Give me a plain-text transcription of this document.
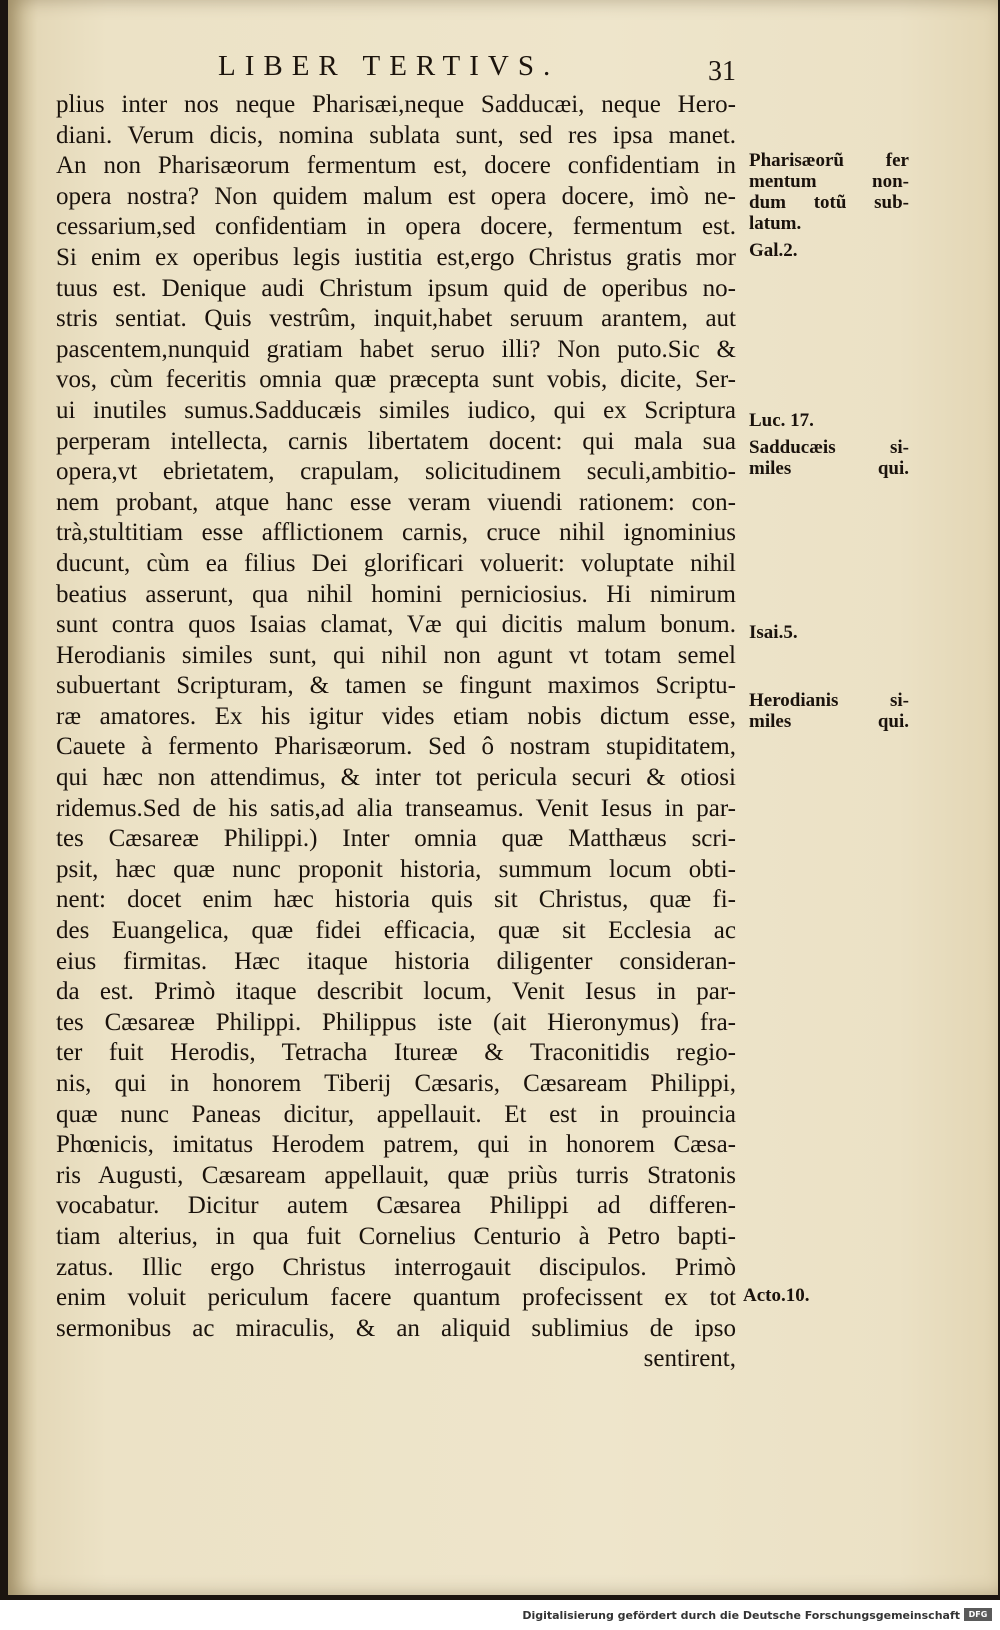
LIBER TERTIVS.	31
plius inter nos neque Pharisæi,neque Sadducæi, neque Hero-
diani. Verum dicis, nomina sublata sunt, sed res ipsa manet.
An non Pharisæorum fermentum est, docere confidentiam in
opera nostra? Non quidem malum est opera docere, imò ne-
cessarium,sed confidentiam in opera docere, fermentum est.
Si enim ex operibus legis iustitia est,ergo Christus gratis mor
tuus est. Denique audi Christum ipsum quid de operibus no-
stris sentiat. Quis vestrûm, inquit,habet seruum arantem, aut
pascentem,nunquid gratiam habet seruo illi? Non puto.Sic &
vos, cùm feceritis omnia quæ præcepta sunt vobis, dicite, Ser-
ui inutiles sumus.Sadducæis similes iudico, qui ex Scriptura
perperam intellecta, carnis libertatem docent: qui mala sua
opera,vt ebrietatem, crapulam, solicitudinem seculi,ambitio-
nem probant, atque hanc esse veram viuendi rationem: con-
trà,stultitiam esse afflictionem carnis, cruce nihil ignominius
ducunt, cùm ea filius Dei glorificari voluerit: voluptate nihil
beatius asserunt, qua nihil homini perniciosius. Hi nimirum
sunt contra quos Isaias clamat, Væ qui dicitis malum bonum.
Herodianis similes sunt, qui nihil non agunt vt totam semel
subuertant Scripturam, & tamen se fingunt maximos Scriptu-
ræ amatores. Ex his igitur vides etiam nobis dictum esse,
Cauete à fermento Pharisæorum. Sed ô nostram stupiditatem,
qui hæc non attendimus, & inter tot pericula securi & otiosi
ridemus.Sed de his satis,ad alia transeamus. Venit Iesus in par-
tes Cæsareæ Philippi.) Inter omnia quæ Matthæus scri-
psit, hæc quæ nunc proponit historia, summum locum obti-
nent: docet enim hæc historia quis sit Christus, quæ fi-
des Euangelica, quæ fidei efficacia, quæ sit Ecclesia ac
eius firmitas. Hæc itaque historia diligenter consideran-
da est. Primò itaque describit locum, Venit Iesus in par-
tes Cæsareæ Philippi. Philippus iste (ait Hieronymus) fra-
ter fuit Herodis, Tetracha Itureæ & Traconitidis regio-
nis, qui in honorem Tiberij Cæsaris, Cæsaream Philippi,
quæ nunc Paneas dicitur, appellauit. Et est in prouincia
Phœnicis, imitatus Herodem patrem, qui in honorem Cæsa-
ris Augusti, Cæsaream appellauit, quæ priùs turris Stratonis
vocabatur. Dicitur autem Cæsarea Philippi ad differen-
tiam alterius, in qua fuit Cornelius Centurio à Petro bapti-
zatus. Illic ergo Christus interrogauit discipulos. Primò
enim voluit periculum facere quantum profecissent ex tot
sermonibus ac miraculis, & an aliquid sublimius de ipso
sentirent,
Pharisæorũ fer
mentum non-
dum totũ sub-
latum.
Gal.2.
Luc. 17.
Sadducæis si-
miles qui.
Isai.5.
Herodianis si-
miles qui.
Acto.10.
Digitalisierung gefördert durch die Deutsche Forschungsgemeinschaft	DFG
